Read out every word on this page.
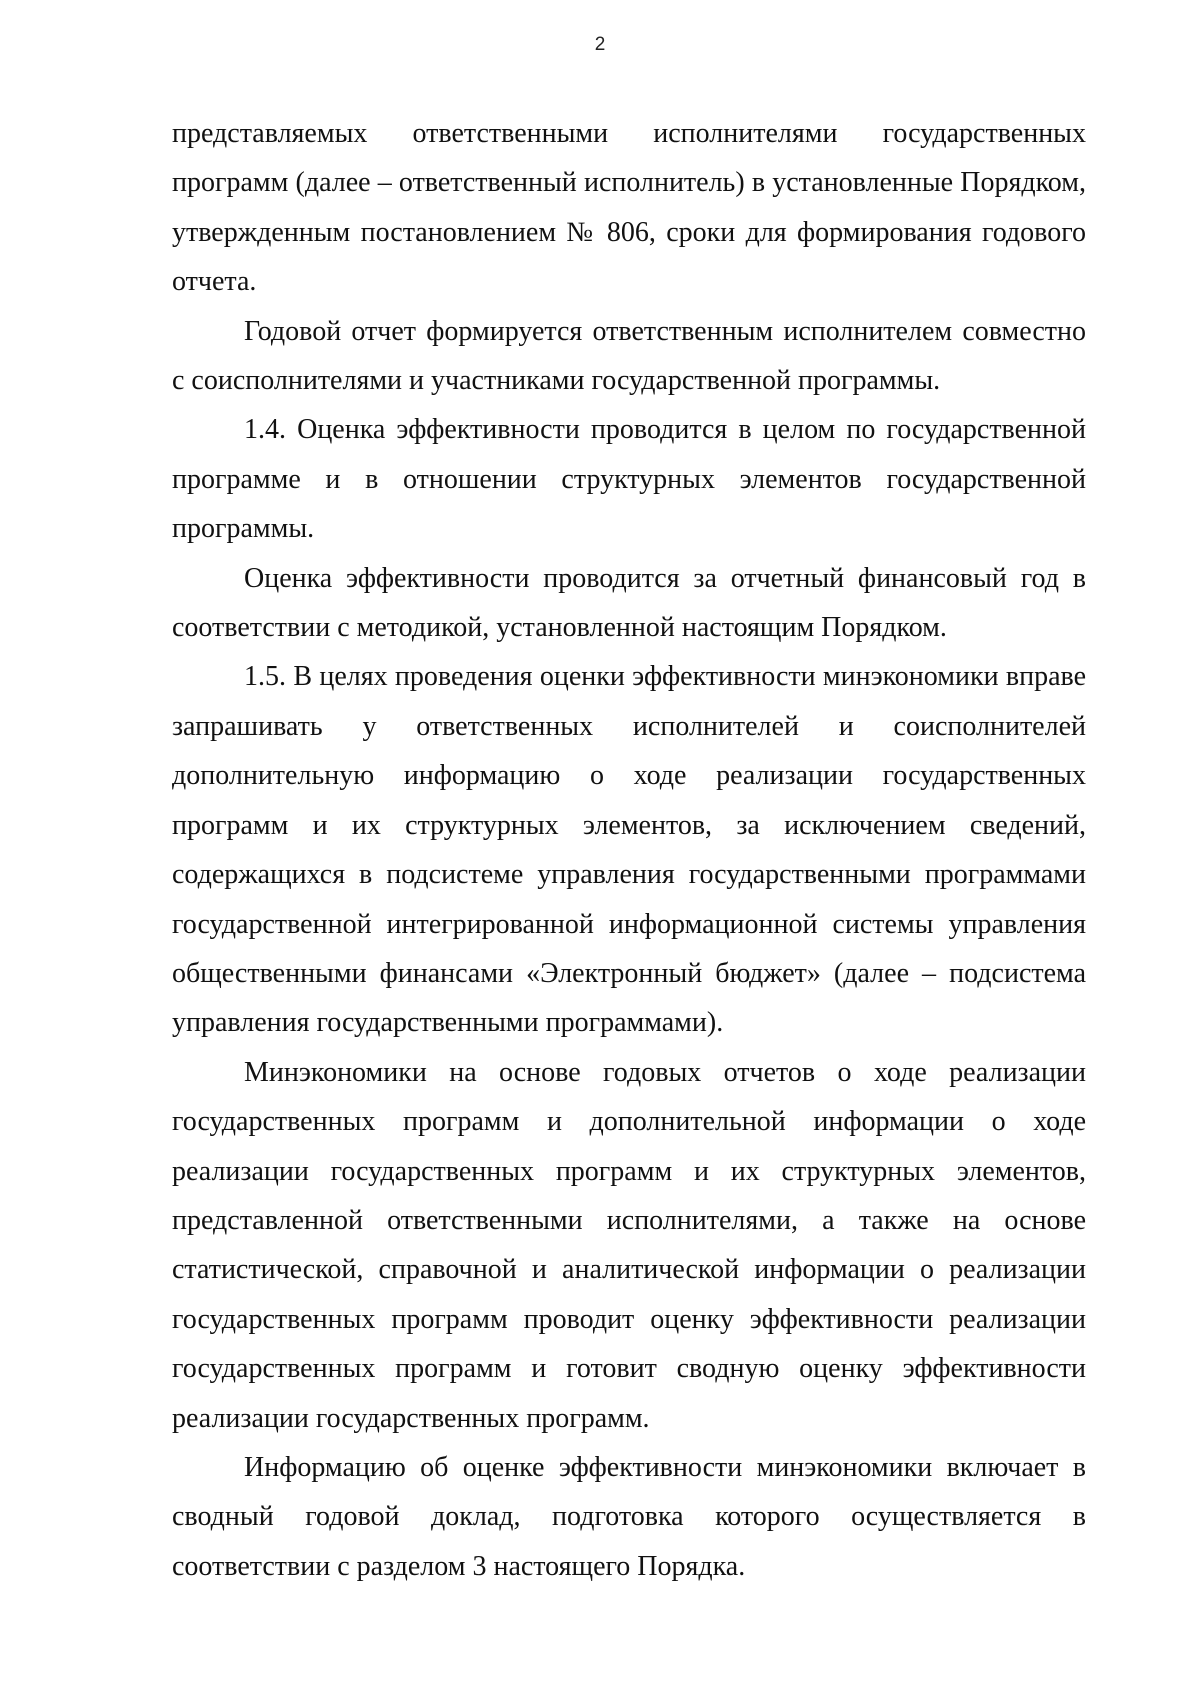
2

представляемых ответственными исполнителями государственных программ (далее – ответственный исполнитель) в установленные Порядком, утвержденным постановлением № 806, сроки для формирования годового отчета.

Годовой отчет формируется ответственным исполнителем совместно с соисполнителями и участниками государственной программы.

1.4. Оценка эффективности проводится в целом по государственной программе и в отношении структурных элементов государственной программы.

Оценка эффективности проводится за отчетный финансовый год в соответствии с методикой, установленной настоящим Порядком.

1.5. В целях проведения оценки эффективности минэкономики вправе запрашивать у ответственных исполнителей и соисполнителей дополнительную информацию о ходе реализации государственных программ и их структурных элементов, за исключением сведений, содержащихся в подсистеме управления государственными программами государственной интегрированной информационной системы управления общественными финансами «Электронный бюджет» (далее – подсистема управления государственными программами).

Минэкономики на основе годовых отчетов о ходе реализации государственных программ и дополнительной информации о ходе реализации государственных программ и их структурных элементов, представленной ответственными исполнителями, а также на основе статистической, справочной и аналитической информации о реализации государственных программ проводит оценку эффективности реализации государственных программ и готовит сводную оценку эффективности реализации государственных программ.

Информацию об оценке эффективности минэкономики включает в сводный годовой доклад, подготовка которого осуществляется в соответствии с разделом 3 настоящего Порядка.
